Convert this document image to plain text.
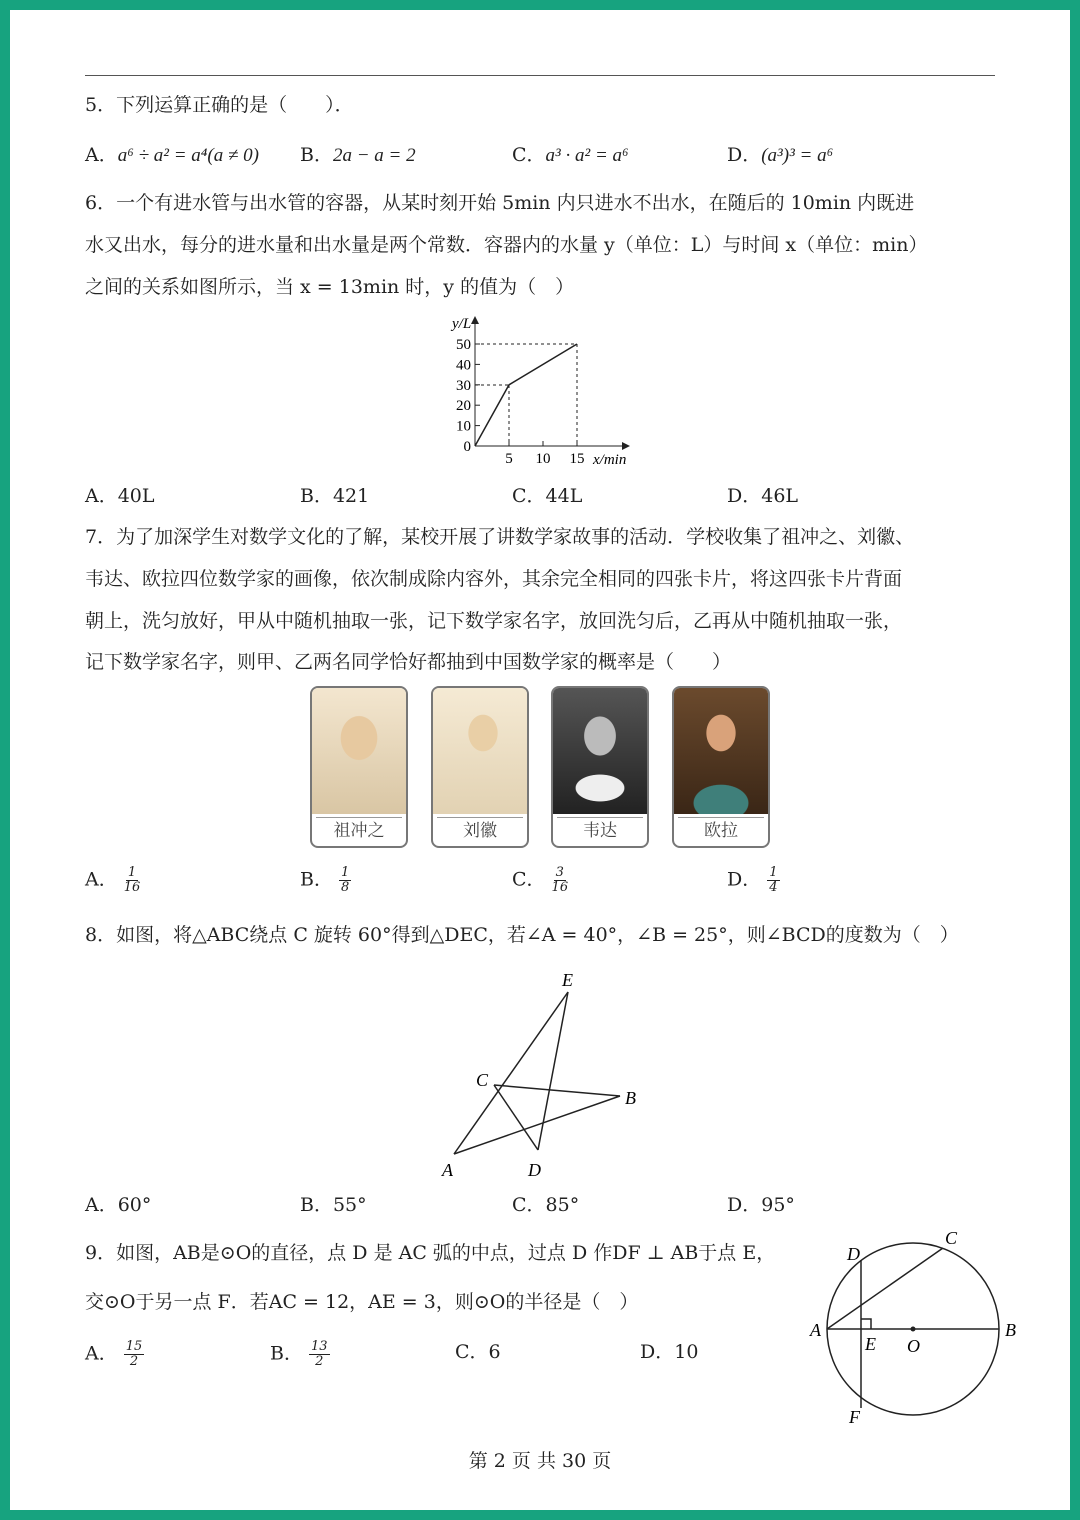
5．下列运算正确的是（　　）．
A．a⁶ ÷ a² = a⁴(a ≠ 0) B．2a − a = 2	C．a³ · a² = a⁶	D．(a³)³ = a⁶
6．一个有进水管与出水管的容器，从某时刻开始 5min 内只进水不出水，在随后的 10min 内既进
水又出水，每分的进水量和出水量是两个常数．容器内的水量 y（单位：L）与时间 x（单位：min）
之间的关系如图所示，当 x = 13min 时，y 的值为（　）
0
10
20
30
40
50
5 10 15
y/L
x/min
A．40L	B．421	C．44L	D．46L
7．为了加深学生对数学文化的了解，某校开展了讲数学家故事的活动．学校收集了祖冲之、刘徽、
韦达、欧拉四位数学家的画像，依次制成除内容外，其余完全相同的四张卡片，将这四张卡片背面
朝上，洗匀放好，甲从中随机抽取一张，记下数学家名字，放回洗匀后，乙再从中随机抽取一张，
记下数学家名字，则甲、乙两名同学恰好都抽到中国数学家的概率是（　　）
祖冲之	刘徽	韦达	欧拉
A． $\frac{1}{16}$	B． $\frac{1}{8}$	C． $\frac{3}{16}$	D． $\frac{1}{4}$
8．如图，将△ABC绕点 C 旋转 60°得到△DEC，若∠A = 40°，∠B = 25°，则∠BCD的度数为（　）
E
C
B
A	D
A．60°	B．55°	C．85°	D．95°
9．如图，AB是⊙O的直径，点 D 是 AC 弧的中点，过点 D 作DF ⊥ AB于点 E，
交⊙O于另一点 F．若AC = 12，AE = 3，则⊙O的半径是（　）
A． $\frac{15}{2}$	B． $\frac{13}{2}$	C．6	D．10
D
C
A
E O
B
F
第 2 页 共 30 页
